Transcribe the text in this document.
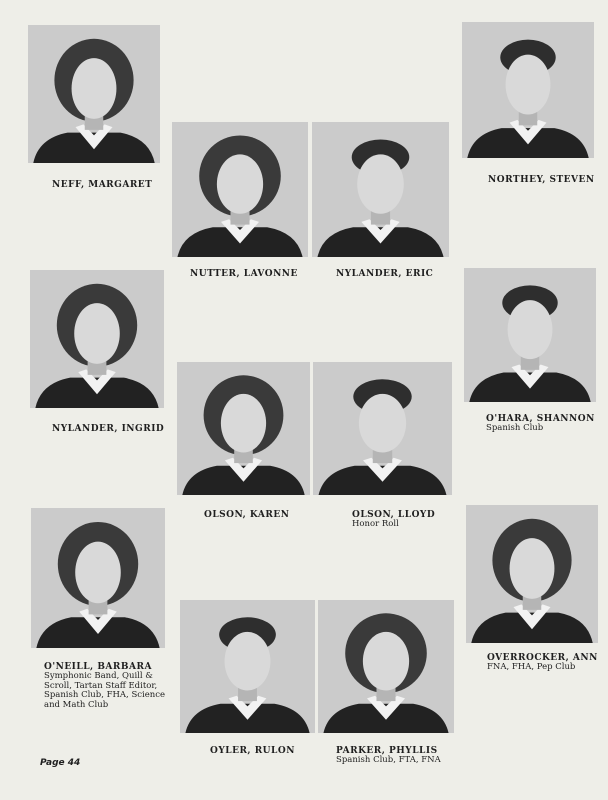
NEFF, MARGARET	NORTHEY, STEVEN
NUTTER, LAVONNE	NYLANDER, ERIC
NYLANDER, INGRID
O'HARA, SHANNON
Spanish Club
OLSON, KAREN	OLSON, LLOYD
Honor Roll
O'NEILL, BARBARA
Symphonic Band, Quill &
Scroll, Tartan Staff Editor,
Spanish Club, FHA, Science
and Math Club
OVERROCKER, ANN
FNA, FHA, Pep Club
OYLER, RULON	PARKER, PHYLLIS
Spanish Club, FTA, FNA
Page 44
